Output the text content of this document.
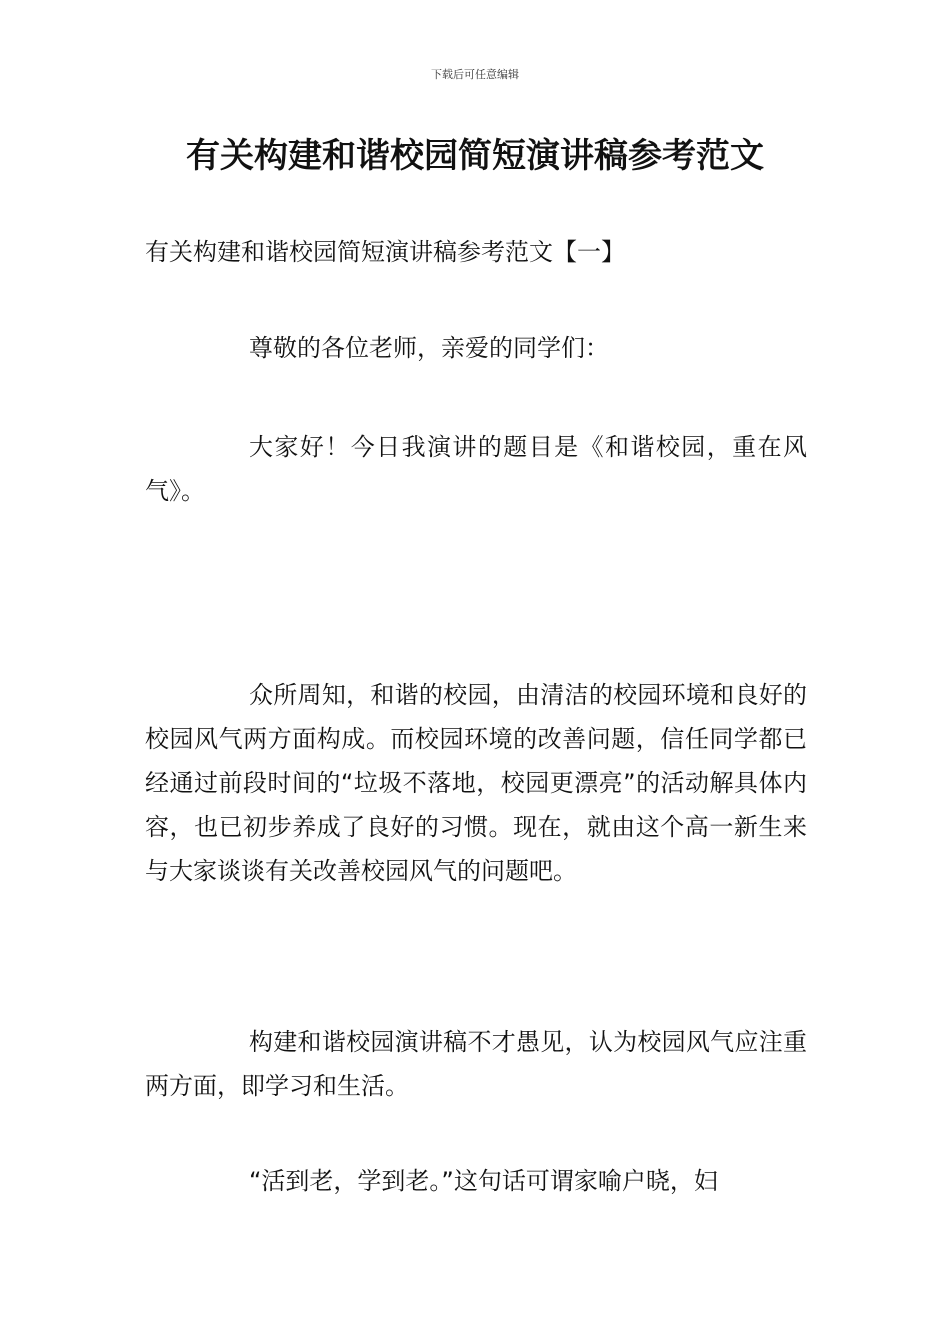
下载后可任意编辑
有关构建和谐校园简短演讲稿参考范文

有关构建和谐校园简短演讲稿参考范文【一】

尊敬的各位老师，亲爱的同学们：

大家好！今日我演讲的题目是《和谐校园，重在风气》。

众所周知，和谐的校园，由清洁的校园环境和良好的校园风气两方面构成。而校园环境的改善问题，信任同学都已经通过前段时间的“垃圾不落地，校园更漂亮”的活动解具体内容，也已初步养成了良好的习惯。现在，就由这个高一新生来与大家谈谈有关改善校园风气的问题吧。

构建和谐校园演讲稿不才愚见，认为校园风气应注重两方面，即学习和生活。

“活到老，学到老。”这句话可谓家喻户晓，妇
